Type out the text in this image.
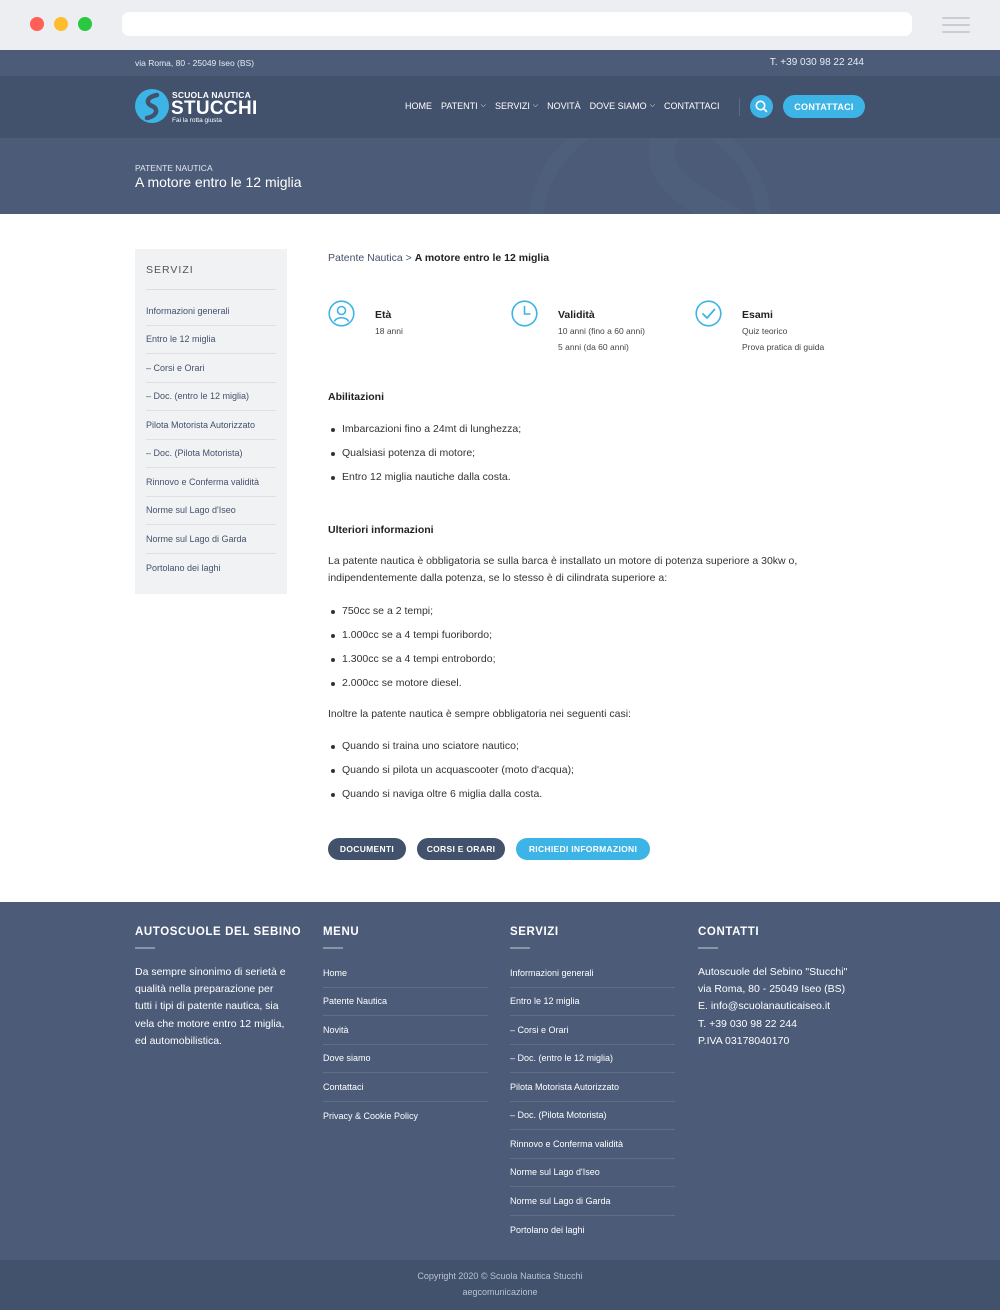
via Roma, 80 - 25049 Iseo (BS)	T. +39 030 98 22 244
SCUOLA NAUTICA
STUCCHI
Fai la rotta giusta
HOME PATENTI ⌵ SERVIZI ⌵ NOVITÀ DOVE SIAMO ⌵ CONTATTACI	CONTATTACI
PATENTE NAUTICA
A motore entro le 12 miglia
SERVIZI
Informazioni generali
Entro le 12 miglia
– Corsi e Orari
– Doc. (entro le 12 miglia)
Pilota Motorista Autorizzato
– Doc. (Pilota Motorista)
Rinnovo e Conferma validità
Norme sul Lago d'Iseo
Norme sul Lago di Garda
Portolano dei laghi
Patente Nautica > A motore entro le 12 miglia
Età
18 anni
Validità
10 anni (fino a 60 anni)
5 anni (da 60 anni)
Esami
Quiz teorico
Prova pratica di guida
Abilitazioni
Imbarcazioni fino a 24mt di lunghezza;
Qualsiasi potenza di motore;
Entro 12 miglia nautiche dalla costa.
Ulteriori informazioni
La patente nautica è obbligatoria se sulla barca è installato un motore di potenza superiore a 30kw o,
indipendentemente dalla potenza, se lo stesso è di cilindrata superiore a:
750cc se a 2 tempi;
1.000cc se a 4 tempi fuoribordo;
1.300cc se a 4 tempi entrobordo;
2.000cc se motore diesel.
Inoltre la patente nautica è sempre obbligatoria nei seguenti casi:
Quando si traina uno sciatore nautico;
Quando si pilota un acquascooter (moto d'acqua);
Quando si naviga oltre 6 miglia dalla costa.
DOCUMENTI	CORSI E ORARI	RICHIEDI INFORMAZIONI
AUTOSCUOLE DEL SEBINO
Da sempre sinonimo di serietà e
qualità nella preparazione per
tutti i tipi di patente nautica, sia
vela che motore entro 12 miglia,
ed automobilistica.
MENU
Home
Patente Nautica
Novità
Dove siamo
Contattaci
Privacy & Cookie Policy
SERVIZI
Informazioni generali
Entro le 12 miglia
– Corsi e Orari
– Doc. (entro le 12 miglia)
Pilota Motorista Autorizzato
– Doc. (Pilota Motorista)
Rinnovo e Conferma validità
Norme sul Lago d'Iseo
Norme sul Lago di Garda
Portolano dei laghi
CONTATTI
Autoscuole del Sebino "Stucchi"
via Roma, 80 - 25049 Iseo (BS)
E. info@scuolanauticaiseo.it
T. +39 030 98 22 244
P.IVA 03178040170
Copyright 2020 © Scuola Nautica Stucchi
aegcomunicazione
